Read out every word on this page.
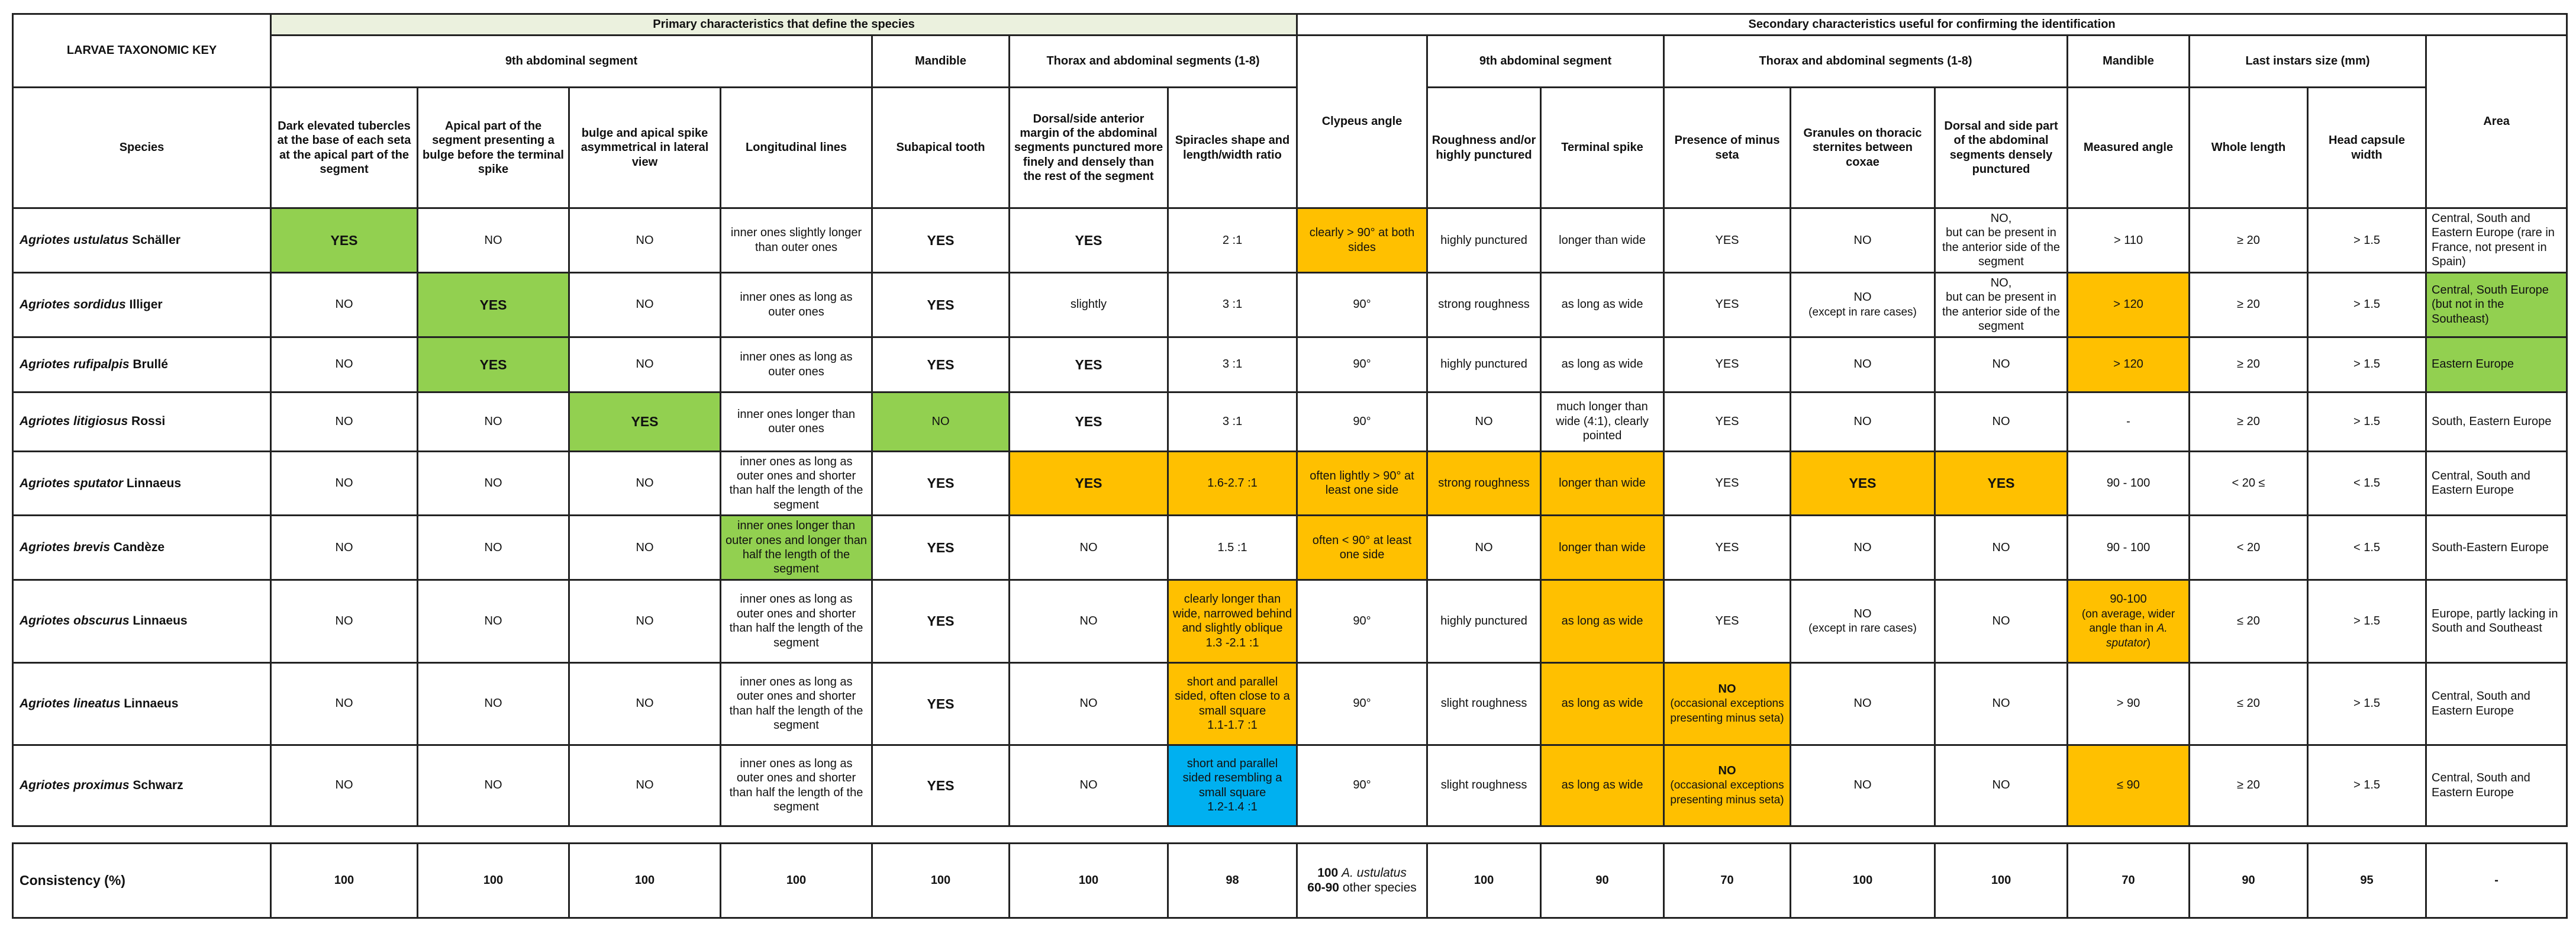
LARVAE TAXONOMIC KEY	Primary characteristics that define the species							Secondary characteristics useful for confirming the identification									
	9th abdominal segment				Mandible	Thorax and abdominal segments (1-8)		Clypeus angle	9th abdominal segment		Thorax and abdominal segments (1-8)			Mandible	Last instars size (mm)		Area
Species	Dark elevated tubercles at the base of each seta at the apical part of the segment	Apical part of the segment presenting a bulge before the terminal spike	bulge and apical spike asymmetrical in lateral view	Longitudinal lines	Subapical tooth	Dorsal/side anterior margin of the abdominal segments punctured more finely and densely than the rest of the segment	Spiracles shape and length/width ratio		Roughness and/or highly punctured	Terminal spike	Presence of minus seta	Granules on thoracic sternites between coxae	Dorsal and side part of the abdominal segments densely punctured	Measured angle	Whole length	Head capsule width	
Agriotes ustulatus Schäller	YES	NO	NO	inner ones slightly longer than outer ones	YES	YES	2 :1	clearly > 90° at both sides	highly punctured	longer than wide	YES	NO	NO,
but can be present in the anterior side of the segment	> 110	≥ 20	> 1.5	Central, South and Eastern Europe (rare in France, not present in Spain)
Agriotes sordidus Illiger	NO	YES	NO	inner ones as long as outer ones	YES	slightly	3 :1	90°	strong roughness	as long as wide	YES	NO
(except in rare cases)	NO,
but can be present in the anterior side of the segment	> 120	≥ 20	> 1.5	Central, South Europe (but not in the Southeast)
Agriotes rufipalpis Brullé	NO	YES	NO	inner ones as long as outer ones	YES	YES	3 :1	90°	highly punctured	as long as wide	YES	NO	NO	> 120	≥ 20	> 1.5	Eastern Europe
Agriotes litigiosus Rossi	NO	NO	YES	inner ones longer than outer ones	NO	YES	3 :1	90°	NO	much longer than wide (4:1), clearly pointed	YES	NO	NO	-	≥ 20	> 1.5	South, Eastern Europe
Agriotes sputator Linnaeus	NO	NO	NO	inner ones as long as outer ones and shorter than half the length of the segment	YES	YES	1.6-2.7 :1	often lightly > 90° at least one side	strong roughness	longer than wide	YES	YES	YES	90 - 100	< 20 ≤	< 1.5	Central, South and Eastern Europe
Agriotes brevis Candèze	NO	NO	NO	inner ones longer than outer ones and longer than half the length of the segment	YES	NO	1.5 :1	often < 90° at least one side	NO	longer than wide	YES	NO	NO	90 - 100	< 20	< 1.5	South-Eastern Europe
Agriotes obscurus Linnaeus	NO	NO	NO	inner ones as long as outer ones and shorter than half the length of the segment	YES	NO	clearly longer than wide, narrowed behind and slightly oblique
1.3 -2.1 :1	90°	highly punctured	as long as wide	YES	NO
(except in rare cases)	NO	90-100
(on average, wider angle than in A. sputator)	≤ 20	> 1.5	Europe, partly lacking in South and Southeast
Agriotes lineatus Linnaeus	NO	NO	NO	inner ones as long as outer ones and shorter than half the length of the segment	YES	NO	short and parallel sided, often close to a small square
1.1-1.7 :1	90°	slight roughness	as long as wide	NO
(occasional exceptions presenting minus seta)	NO	NO	> 90	≤ 20	> 1.5	Central, South and Eastern Europe
Agriotes proximus Schwarz	NO	NO	NO	inner ones as long as outer ones and shorter than half the length of the segment	YES	NO	short and parallel sided resembling a small square
1.2-1.4 :1	90°	slight roughness	as long as wide	NO
(occasional exceptions presenting minus seta)	NO	NO	≤ 90	≥ 20	> 1.5	Central, South and Eastern Europe

Consistency (%)	100	100	100	100	100	100	98	100 A. ustulatus
60-90 other species	100	90	70	100	100	70	90	95	-
